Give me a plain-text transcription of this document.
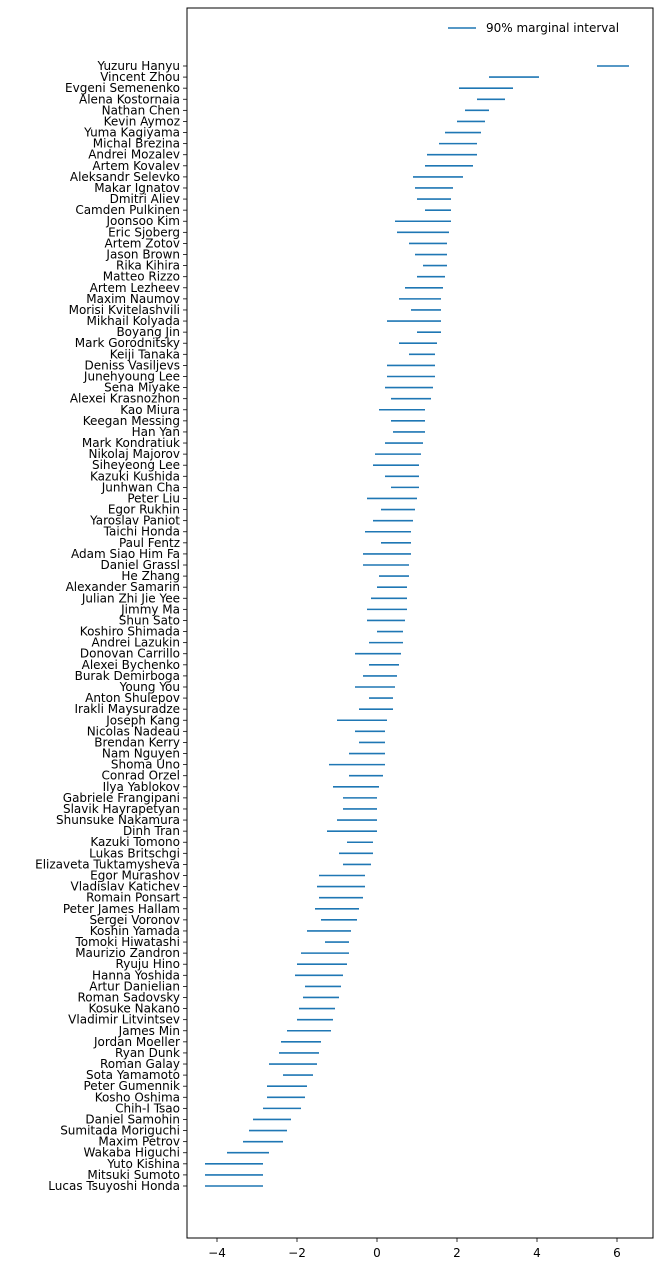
Yuzuru Hanyu
Vincent Zhou
Evgeni Semenenko
Alena Kostornaia
Nathan Chen
Kevin Aymoz
Yuma Kagiyama
Michal Brezina
Andrei Mozalev
Artem Kovalev
Aleksandr Selevko
Makar Ignatov
Dmitri Aliev
Camden Pulkinen
Joonsoo Kim
Eric Sjoberg
Artem Zotov
Jason Brown
Rika Kihira
Matteo Rizzo
Artem Lezheev
Maxim Naumov
Morisi Kvitelashvili
Mikhail Kolyada
Boyang Jin
Mark Gorodnitsky
Keiji Tanaka
Deniss Vasiljevs
Junehyoung Lee
Sena Miyake
Alexei Krasnozhon
Kao Miura
Keegan Messing
Han Yan
Mark Kondratiuk
Nikolaj Majorov
Siheyeong Lee
Kazuki Kushida
Junhwan Cha
Peter Liu
Egor Rukhin
Yaroslav Paniot
Taichi Honda
Paul Fentz
Adam Siao Him Fa
Daniel Grassl
He Zhang
Alexander Samarin
Julian Zhi Jie Yee
Jimmy Ma
Shun Sato
Koshiro Shimada
Andrei Lazukin
Donovan Carrillo
Alexei Bychenko
Burak Demirboga
Young You
Anton Shulepov
Irakli Maysuradze
Joseph Kang
Nicolas Nadeau
Brendan Kerry
Nam Nguyen
Shoma Uno
Conrad Orzel
Ilya Yablokov
Gabriele Frangipani
Slavik Hayrapetyan
Shunsuke Nakamura
Dinh Tran
Kazuki Tomono
Lukas Britschgi
Elizaveta Tuktamysheva
Egor Murashov
Vladislav Katichev
Romain Ponsart
Peter James Hallam
Sergei Voronov
Koshin Yamada
Tomoki Hiwatashi
Maurizio Zandron
Ryuju Hino
Hanna Yoshida
Artur Danielian
Roman Sadovsky
Kosuke Nakano
Vladimir Litvintsev
James Min
Jordan Moeller
Ryan Dunk
Roman Galay
Sota Yamamoto
Peter Gumennik
Kosho Oshima
Chih-I Tsao
Daniel Samohin
Sumitada Moriguchi
Maxim Petrov
Wakaba Higuchi
Yuto Kishina
Mitsuki Sumoto
Lucas Tsuyoshi Honda
−4	−2	0	2	4	6
90% marginal interval
